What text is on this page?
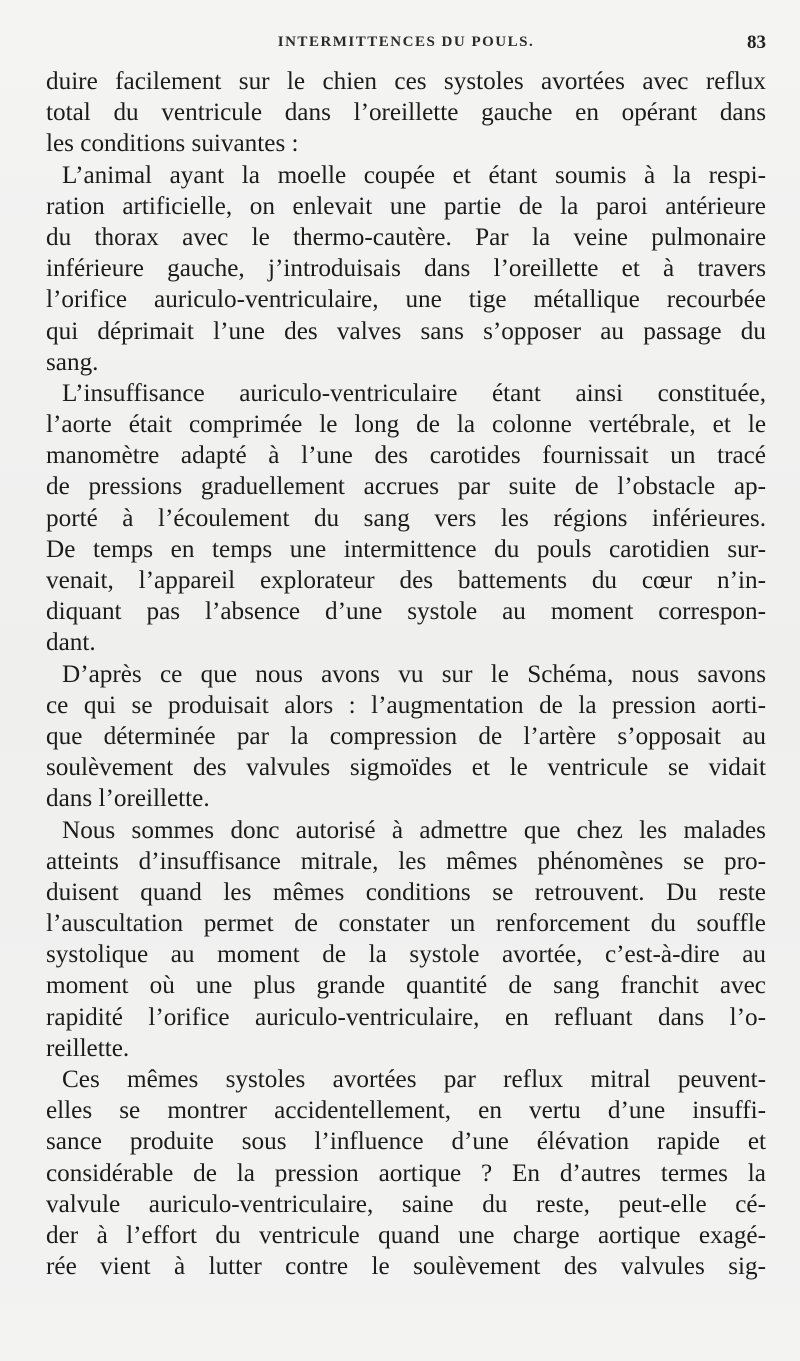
INTERMITTENCES DU POULS.	83
duire facilement sur le chien ces systoles avortées avec reflux
total du ventricule dans l’oreillette gauche en opérant dans
les conditions suivantes :
L’animal ayant la moelle coupée et étant soumis à la respi-
ration artificielle, on enlevait une partie de la paroi antérieure
du thorax avec le thermo-cautère. Par la veine pulmonaire
inférieure gauche, j’introduisais dans l’oreillette et à travers
l’orifice auriculo-ventriculaire, une tige métallique recourbée
qui déprimait l’une des valves sans s’opposer au passage du
sang.
L’insuffisance auriculo-ventriculaire étant ainsi constituée,
l’aorte était comprimée le long de la colonne vertébrale, et le
manomètre adapté à l’une des carotides fournissait un tracé
de pressions graduellement accrues par suite de l’obstacle ap-
porté à l’écoulement du sang vers les régions inférieures.
De temps en temps une intermittence du pouls carotidien sur-
venait, l’appareil explorateur des battements du cœur n’in-
diquant pas l’absence d’une systole au moment correspon-
dant.
D’après ce que nous avons vu sur le Schéma, nous savons
ce qui se produisait alors : l’augmentation de la pression aorti-
que déterminée par la compression de l’artère s’opposait au
soulèvement des valvules sigmoïdes et le ventricule se vidait
dans l’oreillette.
Nous sommes donc autorisé à admettre que chez les malades
atteints d’insuffisance mitrale, les mêmes phénomènes se pro-
duisent quand les mêmes conditions se retrouvent. Du reste
l’auscultation permet de constater un renforcement du souffle
systolique au moment de la systole avortée, c’est-à-dire au
moment où une plus grande quantité de sang franchit avec
rapidité l’orifice auriculo-ventriculaire, en refluant dans l’o-
reillette.
Ces mêmes systoles avortées par reflux mitral peuvent-
elles se montrer accidentellement, en vertu d’une insuffi-
sance produite sous l’influence d’une élévation rapide et
considérable de la pression aortique ? En d’autres termes la
valvule auriculo-ventriculaire, saine du reste, peut-elle cé-
der à l’effort du ventricule quand une charge aortique exagé-
rée vient à lutter contre le soulèvement des valvules sig-
